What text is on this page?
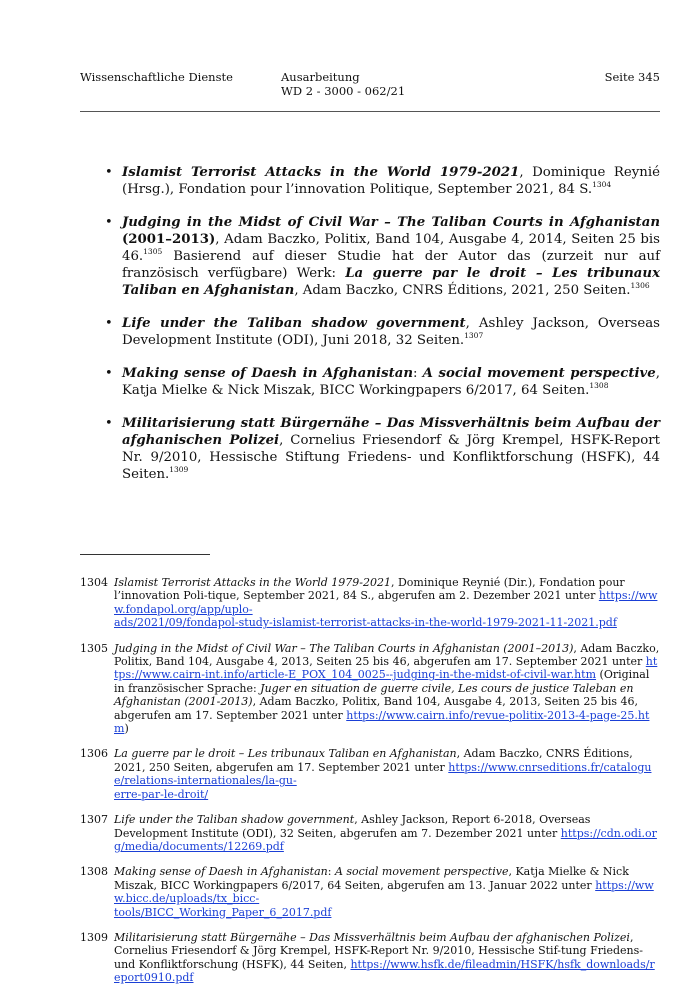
Wissenschaftliche Dienste	Ausarbeitung
WD 2 - 3000 - 062/21
Seite 345
• Islamist Terrorist Attacks in the World 1979-2021, Dominique Reynié (Hrsg.), Fondation pour l’innovation Politique, September 2021, 84 S.$^{1304}$
• Judging in the Midst of Civil War – The Taliban Courts in Afghanistan (2001–2013), Adam Baczko, Politix, Band 104, Ausgabe 4, 2014, Seiten 25 bis 46.$^{1305}$ Basierend auf dieser Studie hat der Autor das (zurzeit nur auf französisch verfügbare) Werk: La guerre par le droit – Les tribunaux Taliban en Afghanistan, Adam Baczko, CNRS Éditions, 2021, 250 Seiten.$^{1306}$
• Life under the Taliban shadow government, Ashley Jackson, Overseas Development Institute (ODI), Juni 2018, 32 Seiten.$^{1307}$
• Making sense of Daesh in Afghanistan: A social movement perspective, Katja Mielke & Nick Miszak, BICC Workingpapers 6/2017, 64 Seiten.$^{1308}$
• Militarisierung statt Bürgernähe – Das Missverhältnis beim Aufbau der afghanischen Polizei, Cornelius Friesendorf & Jörg Krempel, HSFK-Report Nr. 9/2010, Hessische Stiftung Friedens- und Konfliktforschung (HSFK), 44 Seiten.$^{1309}$
1304 Islamist Terrorist Attacks in the World 1979-2021, Dominique Reynié (Dir.), Fondation pour l’innovation Poli-tique, September 2021, 84 S., abgerufen am 2. Dezember 2021 unter https://www.fondapol.org/app/uplo-
ads/2021/09/fondapol-study-islamist-terrorist-attacks-in-the-world-1979-2021-11-2021.pdf
1305 Judging in the Midst of Civil War – The Taliban Courts in Afghanistan (2001–2013), Adam Baczko, Politix, Band 104, Ausgabe 4, 2013, Seiten 25 bis 46, abgerufen am 17. September 2021 unter https://www.cairn-int.info/article-E_POX_104_0025--judging-in-the-midst-of-civil-war.htm (Original in französischer Sprache: Juger en situation de guerre civile, Les cours de justice Taleban en Afghanistan (2001-2013), Adam Baczko, Politix, Band 104, Ausgabe 4, 2013, Seiten 25 bis 46, abgerufen am 17. September 2021 unter https://www.cairn.info/revue-politix-2013-4-page-25.htm)
1306 La guerre par le droit – Les tribunaux Taliban en Afghanistan, Adam Baczko, CNRS Éditions, 2021, 250 Seiten, abgerufen am 17. September 2021 unter https://www.cnrseditions.fr/catalogue/relations-internationales/la-gu-
erre-par-le-droit/
1307 Life under the Taliban shadow government, Ashley Jackson, Report 6-2018, Overseas Development Institute (ODI), 32 Seiten, abgerufen am 7. Dezember 2021 unter https://cdn.odi.org/media/documents/12269.pdf
1308 Making sense of Daesh in Afghanistan: A social movement perspective, Katja Mielke & Nick Miszak, BICC Workingpapers 6/2017, 64 Seiten, abgerufen am 13. Januar 2022 unter https://www.bicc.de/uploads/tx_bicc-
tools/BICC_Working_Paper_6_2017.pdf
1309 Militarisierung statt Bürgernähe – Das Missverhältnis beim Aufbau der afghanischen Polizei, Cornelius Friesendorf & Jörg Krempel, HSFK-Report Nr. 9/2010, Hessische Stif-tung Friedens- und Konfliktforschung (HSFK), 44 Seiten, https://www.hsfk.de/fileadmin/HSFK/hsfk_downloads/report0910.pdf
